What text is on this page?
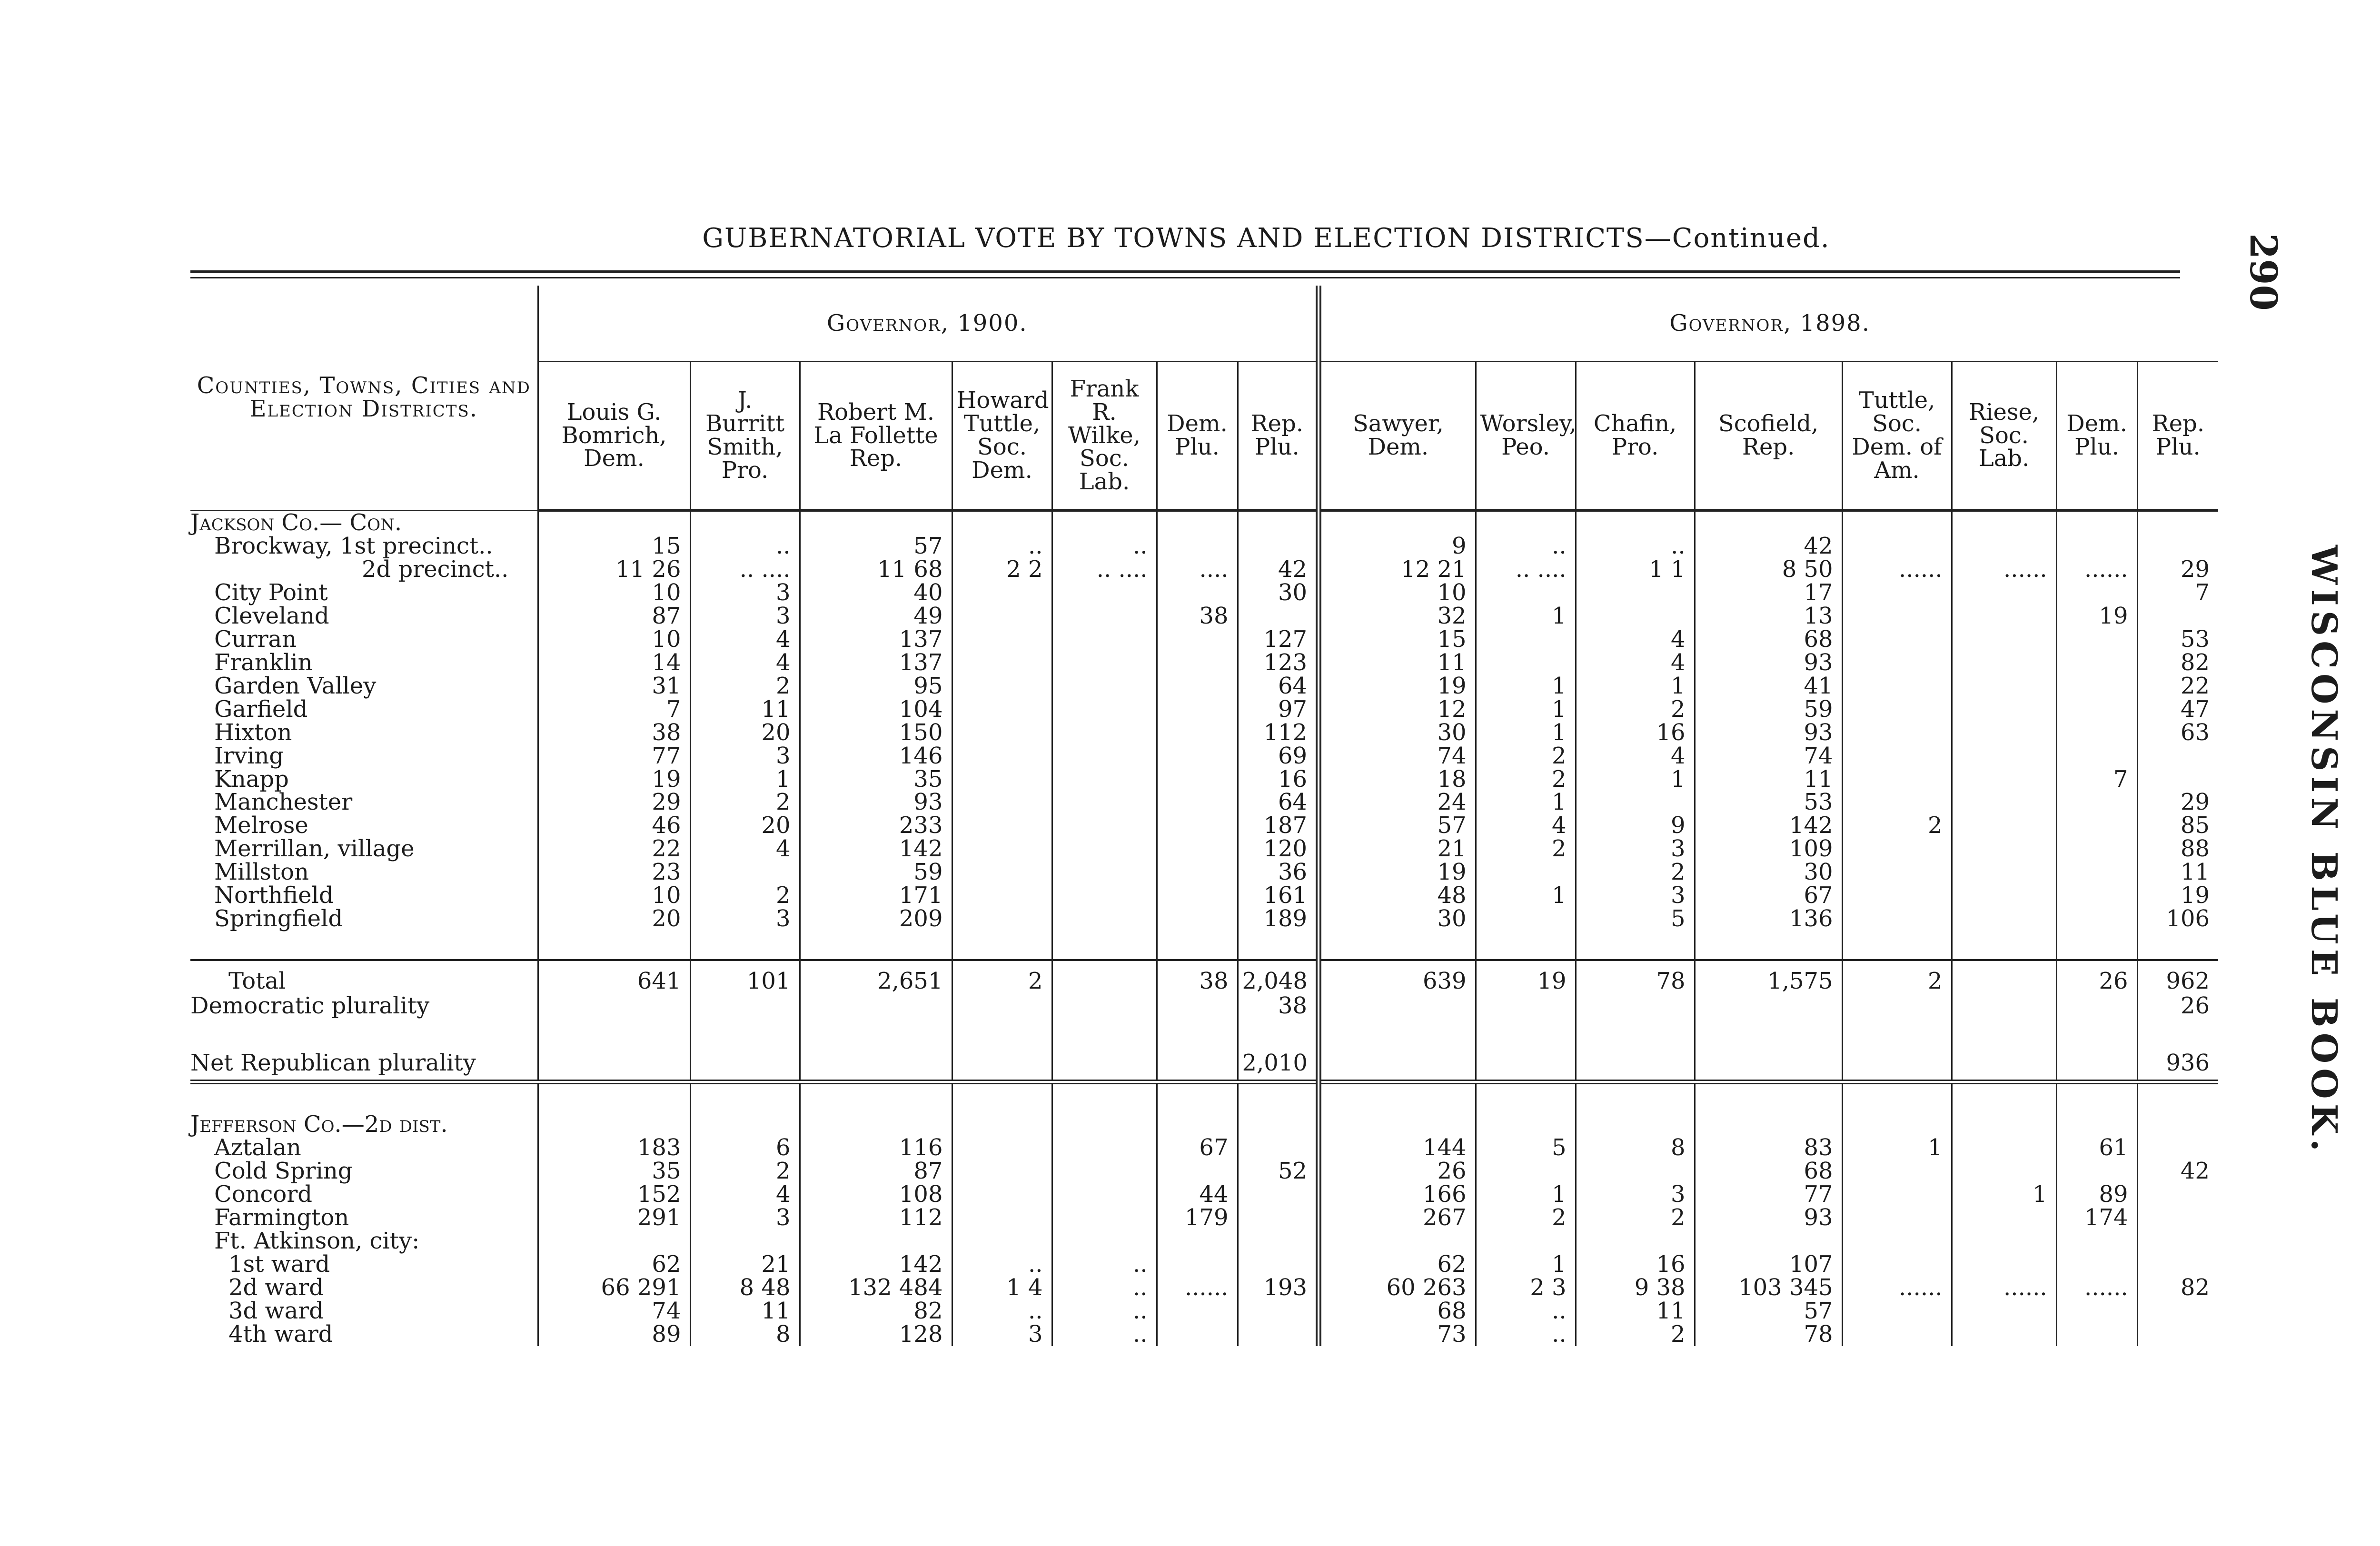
GUBERNATORIAL VOTE BY TOWNS AND ELECTION DISTRICTS—Continued.	290
WISCONSIN BLUE BOOK.
Counties, Towns, Cities and Election Districts.	Governor, 1900.							Governor, 1898.							
	Louis G. Bomrich, Dem.	J. Burritt Smith, Pro.	Robert M. La Follette Rep.	Howard Tuttle, Soc. Dem.	Frank R. Wilke, Soc. Lab.	Dem. Plu.	Rep. Plu.	Sawyer, Dem.	Worsley, Peo.	Chafin, Pro.	Scofield, Rep.	Tuttle, Soc. Dem. of Am.	Riese, Soc. Lab.	Dem. Plu.	Rep. Plu.
Jackson Co.— Con.															
Brockway, 1st precinct..	15	..	57	..	..			9	..	..	42				
2d precinct..	11 26	.. ....	11 68	2 2	.. ....	....	42	12 21	.. ....	1 1	8 50	......	......	......	29
City Point	10	3	40				30	10			17				7
Cleveland	87	3	49			38		32	1		13			19	
Curran	10	4	137				127	15		4	68				53
Franklin	14	4	137				123	11		4	93				82
Garden Valley	31	2	95				64	19	1	1	41				22
Garfield	7	11	104				97	12	1	2	59				47
Hixton	38	20	150				112	30	1	16	93				63
Irving	77	3	146				69	74	2	4	74				
Knapp	19	1	35				16	18	2	1	11			7	
Manchester	29	2	93				64	24	1		53				29
Melrose	46	20	233				187	57	4	9	142	2			85
Merrillan, village	22	4	142				120	21	2	3	109				88
Millston	23		59				36	19		2	30				11
Northfield	10	2	171				161	48	1	3	67				19
Springfield	20	3	209				189	30		5	136				106

Total	641	101	2,651	2		38	2,048	639	19	78	1,575	2		26	962
Democratic plurality							38								26

Net Republican plurality							2,010								936

Jefferson Co.—2d dist.															
Aztalan	183	6	116			67		144	5	8	83	1		61	
Cold Spring	35	2	87				52	26			68				42
Concord	152	4	108			44		166	1	3	77		1	89	
Farmington	291	3	112			179		267	2	2	93			174	
Ft. Atkinson, city:															
1st ward	62	21	142	..	..			62	1	16	107				
2d ward	66 291	8 48	132 484	1 4	..	......	193	60 263	2 3	9 38	103 345	......	......	......	82
3d ward	74	11	82	..	..			68	..	11	57				
4th ward	89	8	128	3	..			73	..	2	78				
